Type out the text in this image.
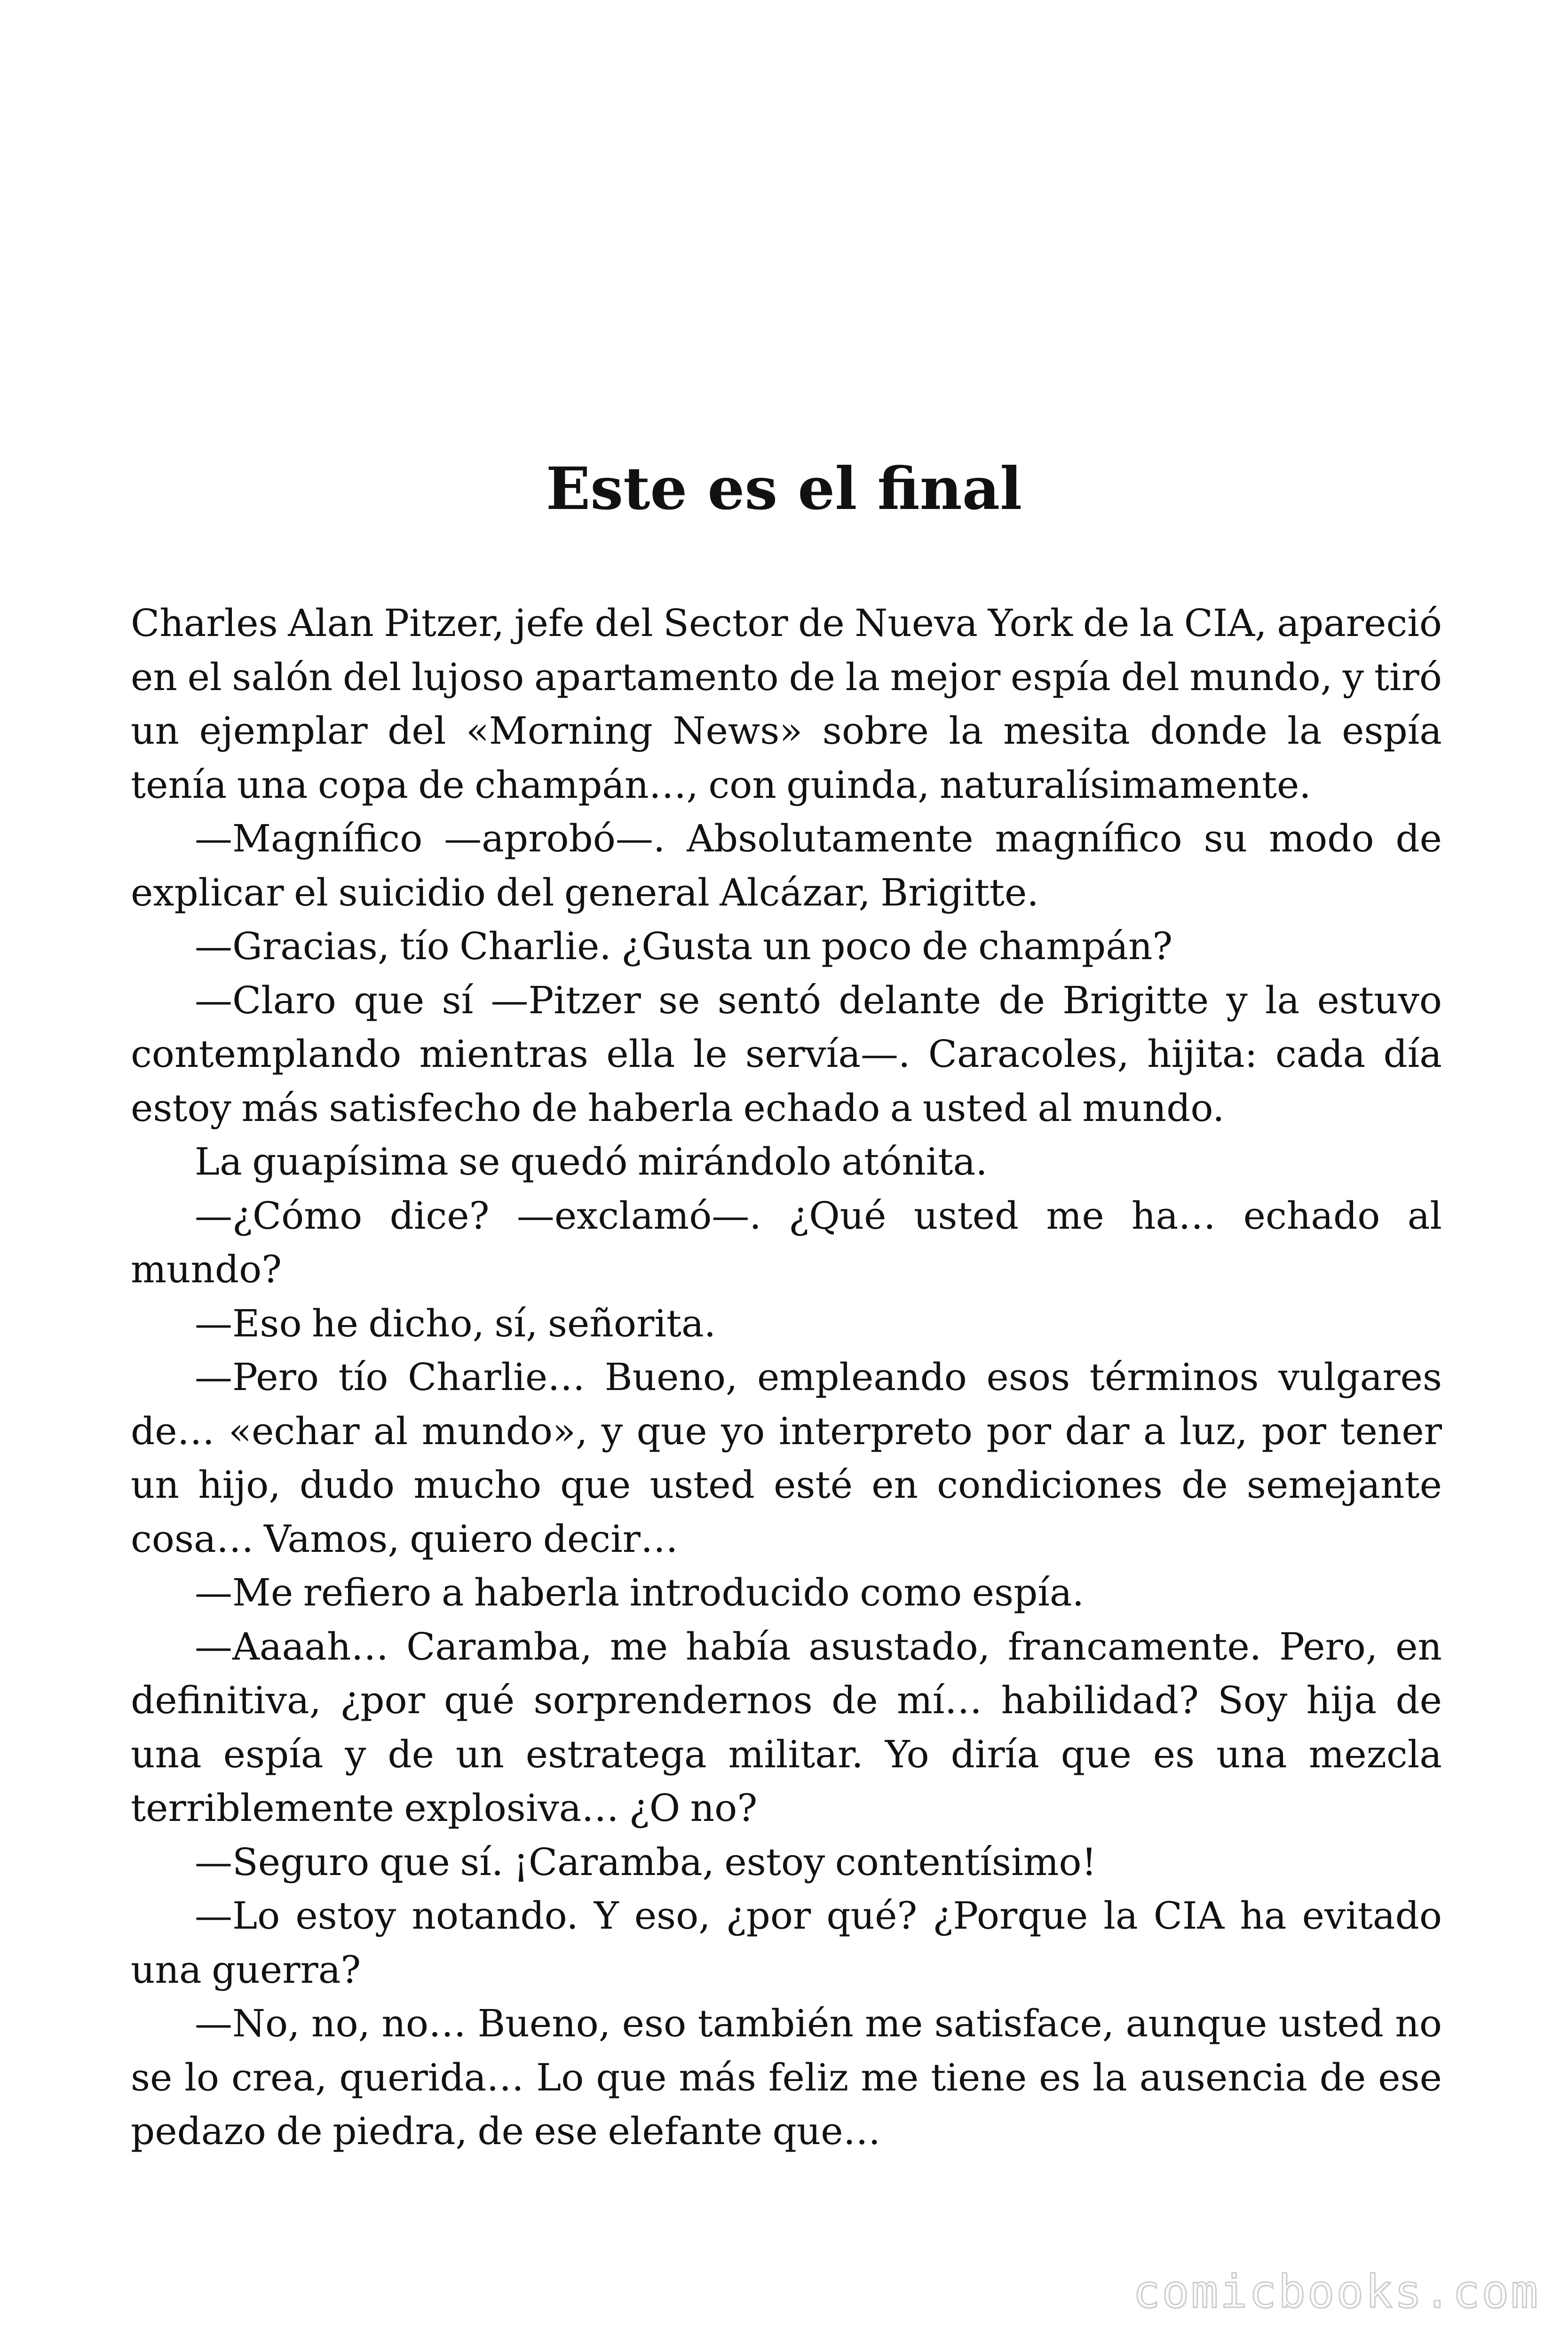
Este es el final

Charles Alan Pitzer, jefe del Sector de Nueva York de la CIA, apareció en el salón del lujoso apartamento de la mejor espía del mundo, y tiró un ejemplar del «Morning News» sobre la mesita donde la espía tenía una copa de champán…, con guinda, naturalísimamente.

—Magnífico —aprobó—. Absolutamente magnífico su modo de explicar el suicidio del general Alcázar, Brigitte.

—Gracias, tío Charlie. ¿Gusta un poco de champán?

—Claro que sí —Pitzer se sentó delante de Brigitte y la estuvo contemplando mientras ella le servía—. Caracoles, hijita: cada día estoy más satisfecho de haberla echado a usted al mundo.

La guapísima se quedó mirándolo atónita.

—¿Cómo dice? —exclamó—. ¿Qué usted me ha… echado al mundo?

—Eso he dicho, sí, señorita.

—Pero tío Charlie… Bueno, empleando esos términos vulgares de… «echar al mundo», y que yo interpreto por dar a luz, por tener un hijo, dudo mucho que usted esté en condiciones de semejante cosa… Vamos, quiero decir…

—Me refiero a haberla introducido como espía.

—Aaaah… Caramba, me había asustado, francamente. Pero, en definitiva, ¿por qué sorprendernos de mí… habilidad? Soy hija de una espía y de un estratega militar. Yo diría que es una mezcla terriblemente explosiva… ¿O no?

—Seguro que sí. ¡Caramba, estoy contentísimo!

—Lo estoy notando. Y eso, ¿por qué? ¿Porque la CIA ha evitado una guerra?

—No, no, no… Bueno, eso también me satisface, aunque usted no se lo crea, querida… Lo que más feliz me tiene es la ausencia de ese pedazo de piedra, de ese elefante que…

comicbooks.com
